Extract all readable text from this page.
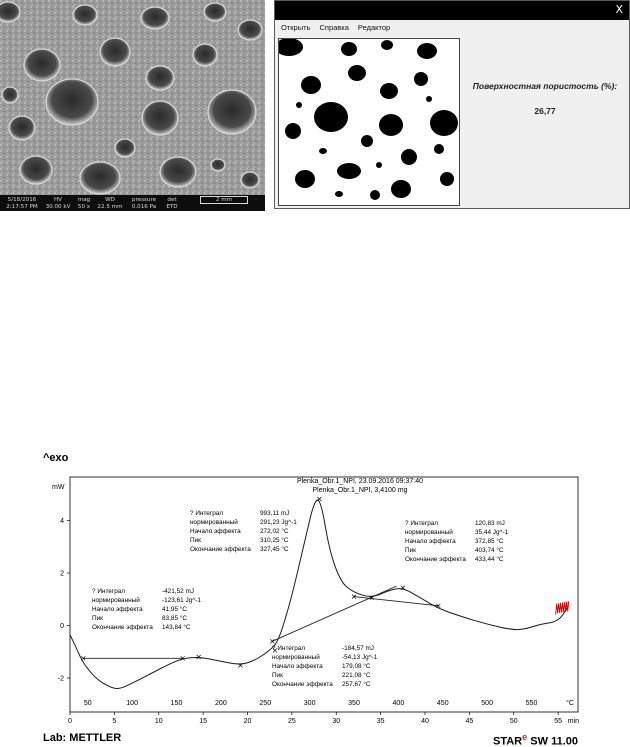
5/18/2016
2:17:57 PM
HV
30.00 kV
mag
50 x
WD
22.5 mm
pressure
0.016 Pa
det
ETD
2 mm
X
Открыть	Справка	Редактор
Поверхностная пористость (%):
26,77
^exo
mW
-2
0
2
4
0	5	10	15	20	25	30	35	40	45	50	55 min
50	100	150	200	250	300	350	400	450	500	550	°C
Plenka_Obr.1_NPI, 23.09.2016 09:37:40
Plenka_Obr.1_NPI, 3,4100 mg
? Интеграл	-421,52 mJ
нормированный	-123,61 Jg^-1
Начало эффекта	41,95 °C
Пик	83,85 °C
Окончание эффекта 143,84 °C
? Интеграл	993,11 mJ
нормированный	291,23 Jg^-1
Начало эффекта	272,02 °C
Пик	310,25 °C
Окончание эффекта 327,45 °C
? Интеграл	-184,57 mJ
нормированный	-54,13 Jg^-1
Начало эффекта	179,08 °C
Пик	221,08 °C
Окончание эффекта 257,67 °C
? Интеграл	120,83 mJ
нормированный	35,44 Jg^-1
Начало эффекта	372,85 °C
Пик	403,74 °C
Окончание эффекта 433,44 °C
Lab: METTLER	STAR$^e$ SW 11.00
